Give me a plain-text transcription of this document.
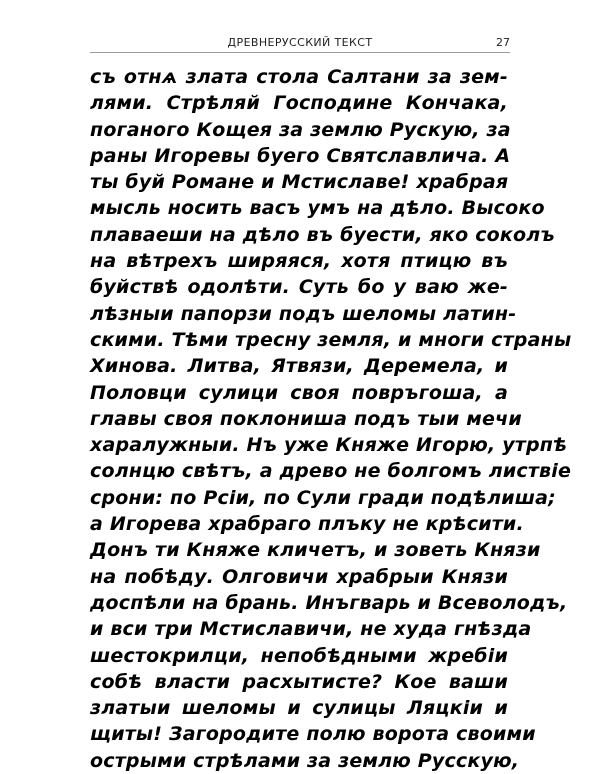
ДРЕВНЕРУССКИЙ ТЕКСТ	27
съ отнѧ злата стола Салтани за зем-
лями. Стрѣляй Господине Кончака,
поганого Кощея за землю Рускую, за
раны Игоревы буего Святславлича. А
ты буй Романе и Мстиславе! храбрая
мысль носить васъ умъ на дѣло. Высоко
плаваеши на дѣло въ буести, яко соколъ
на вѣтрехъ ширяяся, хотя птицю въ
буйствѣ одолѣти. Суть бо у ваю же-
лѣзныи папорзи подъ шеломы латин-
скими. Тѣми тресну земля, и многи страны
Хинова. Литва, Ятвязи, Деремела, и
Половци сулици своя повръгоша, а
главы своя поклониша подъ тыи мечи
харалужныи. Нъ уже Княже Игорю, утрпѣ
солнцю свѣтъ, а древо не болгомъ листвiе
срони: по Рсiи, по Сули гради подѣлиша;
а Игорева храбраго плъку не крѣсити.
Донъ ти Княже кличетъ, и зоветь Князи
на побѣду. Олговичи храбрыи Князи
доспѣли на брань. Инъгварь и Всеволодъ,
и вси три Мстиславичи, не худа гнѣзда
шестокрилци, непобѣдными жребiи
собѣ власти расхытисте? Кое ваши
златыи шеломы и сулицы Ляцкiи и
щиты! Загородите полю ворота своими
острыми стрѣлами за землю Русскую,
